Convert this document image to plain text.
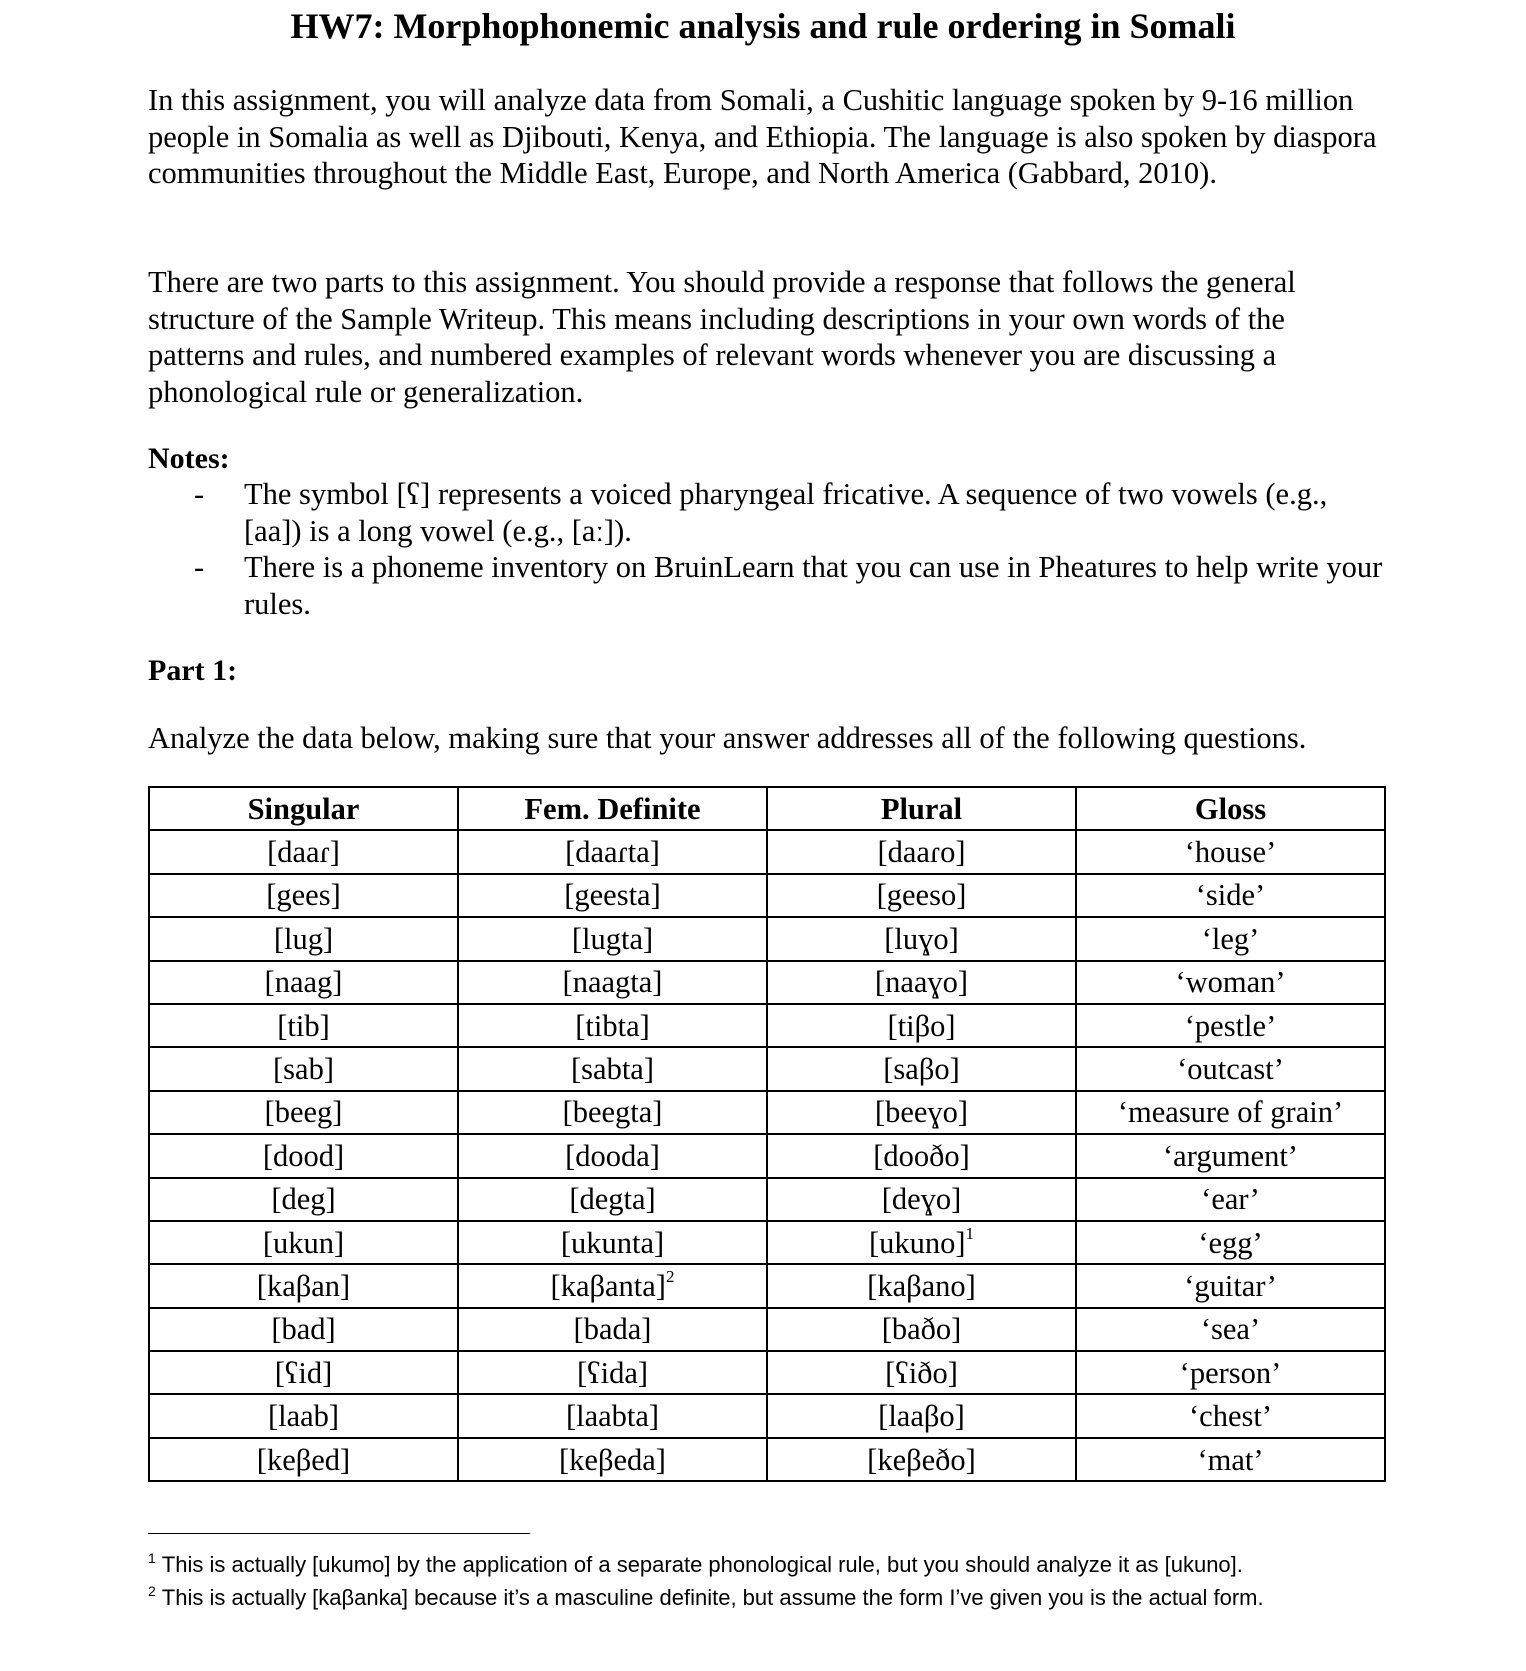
HW7: Morphophonemic analysis and rule ordering in Somali
In this assignment, you will analyze data from Somali, a Cushitic language spoken by 9-16 million people in Somalia as well as Djibouti, Kenya, and Ethiopia. The language is also spoken by diaspora communities throughout the Middle East, Europe, and North America (Gabbard, 2010).
There are two parts to this assignment. You should provide a response that follows the general structure of the Sample Writeup. This means including descriptions in your own words of the patterns and rules, and numbered examples of relevant words whenever you are discussing a phonological rule or generalization.
Notes:
- The symbol [ʕ] represents a voiced pharyngeal fricative. A sequence of two vowels (e.g., [aa]) is a long vowel (e.g., [aː]).
- There is a phoneme inventory on BruinLearn that you can use in Pheatures to help write your rules.
Part 1:
Analyze the data below, making sure that your answer addresses all of the following questions.
Singular	Fem. Definite	Plural	Gloss
[daaɾ]	[daaɾta]	[daaɾo]	‘house’
[gees]	[geesta]	[geeso]	‘side’
[lug]	[lugta]	[luɣo]	‘leg’
[naag]	[naagta]	[naaɣo]	‘woman’
[tib]	[tibta]	[tiβo]	‘pestle’
[sab]	[sabta]	[saβo]	‘outcast’
[beeg]	[beegta]	[beeɣo]	‘measure of grain’
[dood]	[dooda]	[dooðo]	‘argument’
[deg]	[degta]	[deɣo]	‘ear’
[ukun]	[ukunta]	[ukuno]$^1$	‘egg’
[kaβan]	[kaβanta]$^2$	[kaβano]	‘guitar’
[bad]	[bada]	[baðo]	‘sea’
[ʕid]	[ʕida]	[ʕiðo]	‘person’
[laab]	[laabta]	[laaβo]	‘chest’
[keβed]	[keβeda]	[keβeðo]	‘mat’
$^1$ This is actually [ukumo] by the application of a separate phonological rule, but you should analyze it as [ukuno].
$^2$ This is actually [kaβanka] because it’s a masculine definite, but assume the form I’ve given you is the actual form.
